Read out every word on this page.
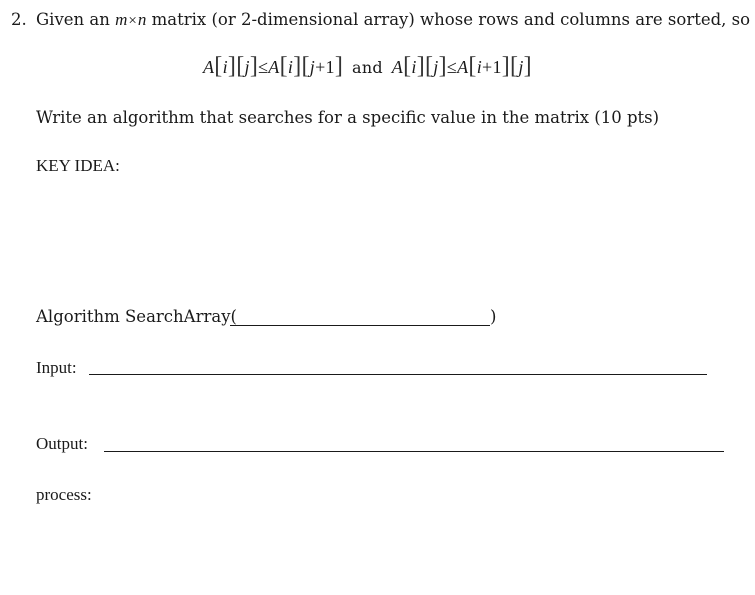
2. Given an m×n matrix (or 2-dimensional array) whose rows and columns are sorted, so
A[i][j]≤A[i][j+1] and A[i][j]≤A[i+1][j]
Write an algorithm that searches for a specific value in the matrix (10 pts)
KEY IDEA:
Algorithm SearchArray(	)
Input:
Output:
process:
